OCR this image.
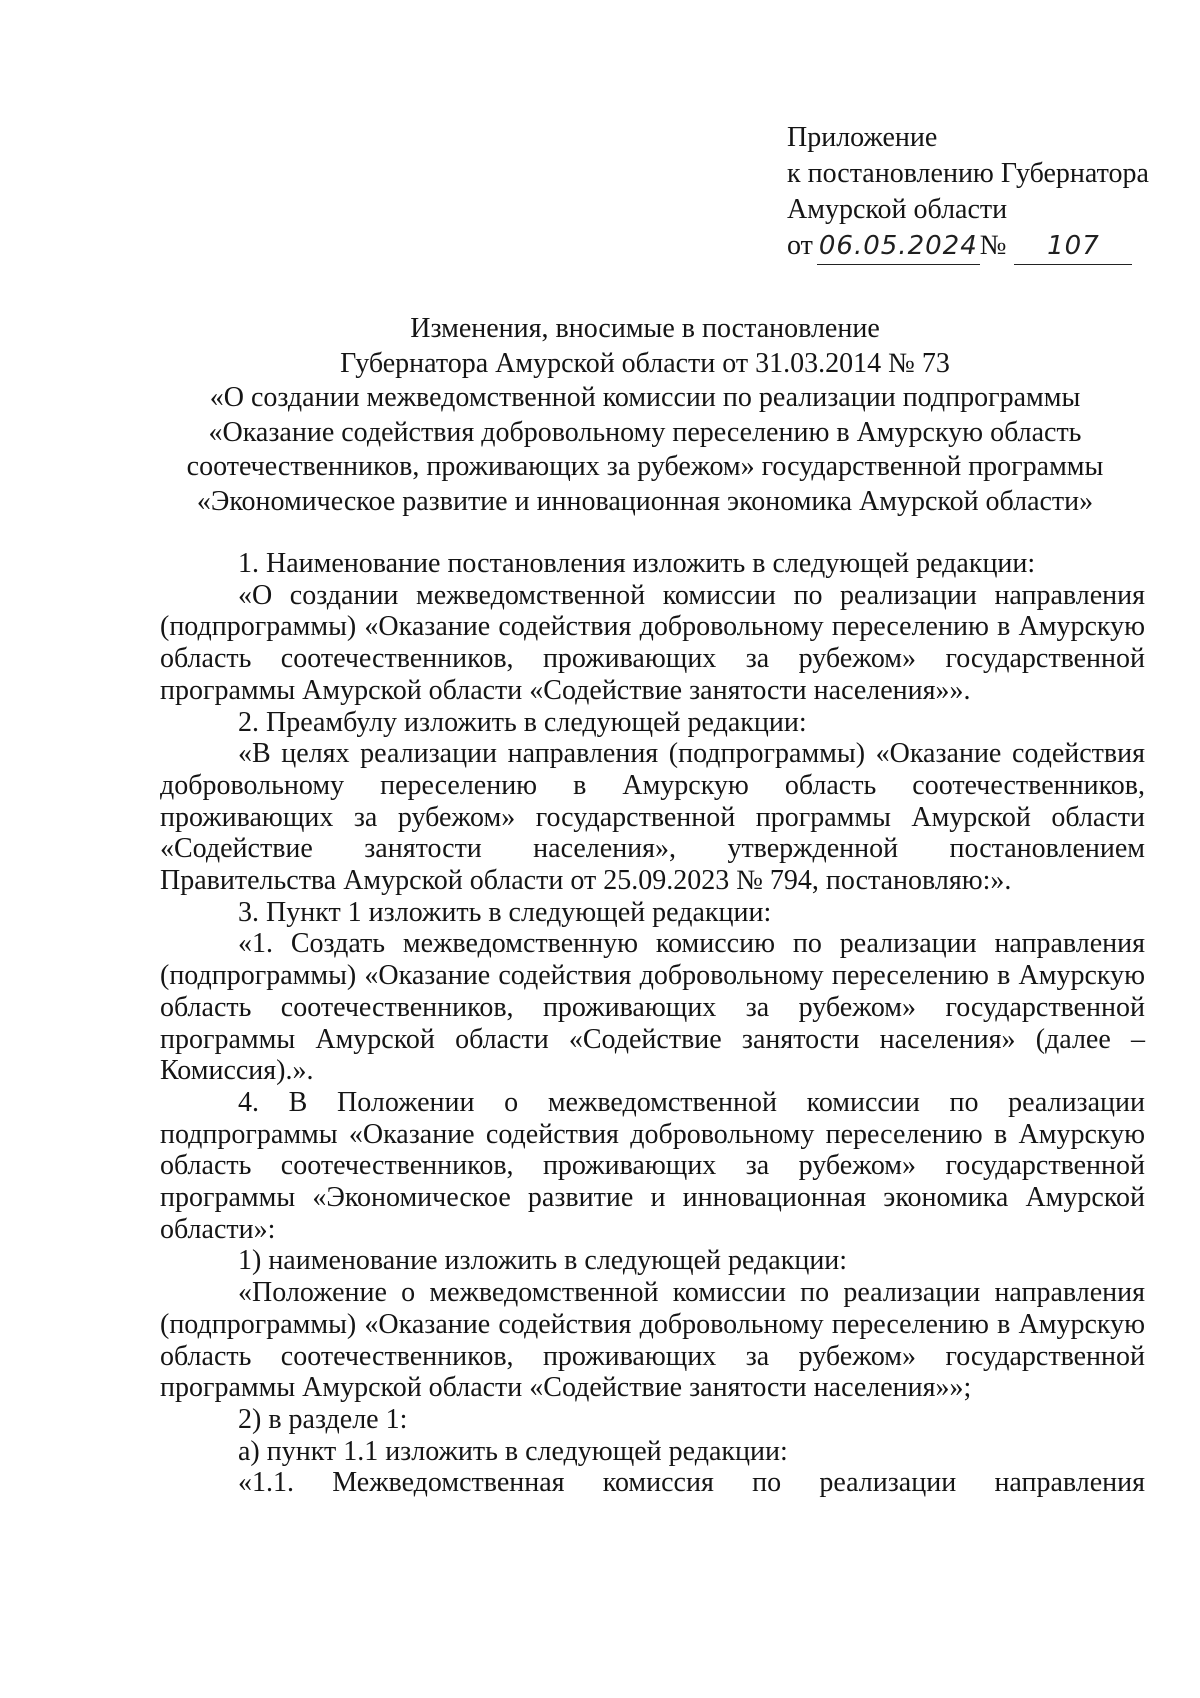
Приложение
к постановлению Губернатора
Амурской области
от 06.05.2024 №	107
Изменения, вносимые в постановление
Губернатора Амурской области от 31.03.2014 № 73
«О создании межведомственной комиссии по реализации подпрограммы
«Оказание содействия добровольному переселению в Амурскую область
соотечественников, проживающих за рубежом» государственной программы
«Экономическое развитие и инновационная экономика Амурской области»

1. Наименование постановления изложить в следующей редакции:

«О создании межведомственной комиссии по реализации направления (подпрограммы) «Оказание содействия добровольному переселению в Амурскую область соотечественников, проживающих за рубежом» государственной программы Амурской области «Содействие занятости населения»».

2. Преамбулу изложить в следующей редакции:

«В целях реализации направления (подпрограммы) «Оказание содействия добровольному переселению в Амурскую область соотечественников, проживающих за рубежом» государственной программы Амурской области «Содействие занятости населения», утвержденной постановлением Правительства Амурской области от 25.09.2023 № 794, постановляю:».

3. Пункт 1 изложить в следующей редакции:

«1. Создать межведомственную комиссию по реализации направления (подпрограммы) «Оказание содействия добровольному переселению в Амурскую область соотечественников, проживающих за рубежом» государственной программы Амурской области «Содействие занятости населения» (далее – Комиссия).».

4. В Положении о межведомственной комиссии по реализации подпрограммы «Оказание содействия добровольному переселению в Амурскую область соотечественников, проживающих за рубежом» государственной программы «Экономическое развитие и инновационная экономика Амурской области»:

1) наименование изложить в следующей редакции:

«Положение о межведомственной комиссии по реализации направления (подпрограммы) «Оказание содействия добровольному переселению в Амурскую область соотечественников, проживающих за рубежом» государственной программы Амурской области «Содействие занятости населения»»;

2) в разделе 1:

а) пункт 1.1 изложить в следующей редакции:

«1.1. Межведомственная комиссия по реализации направления
